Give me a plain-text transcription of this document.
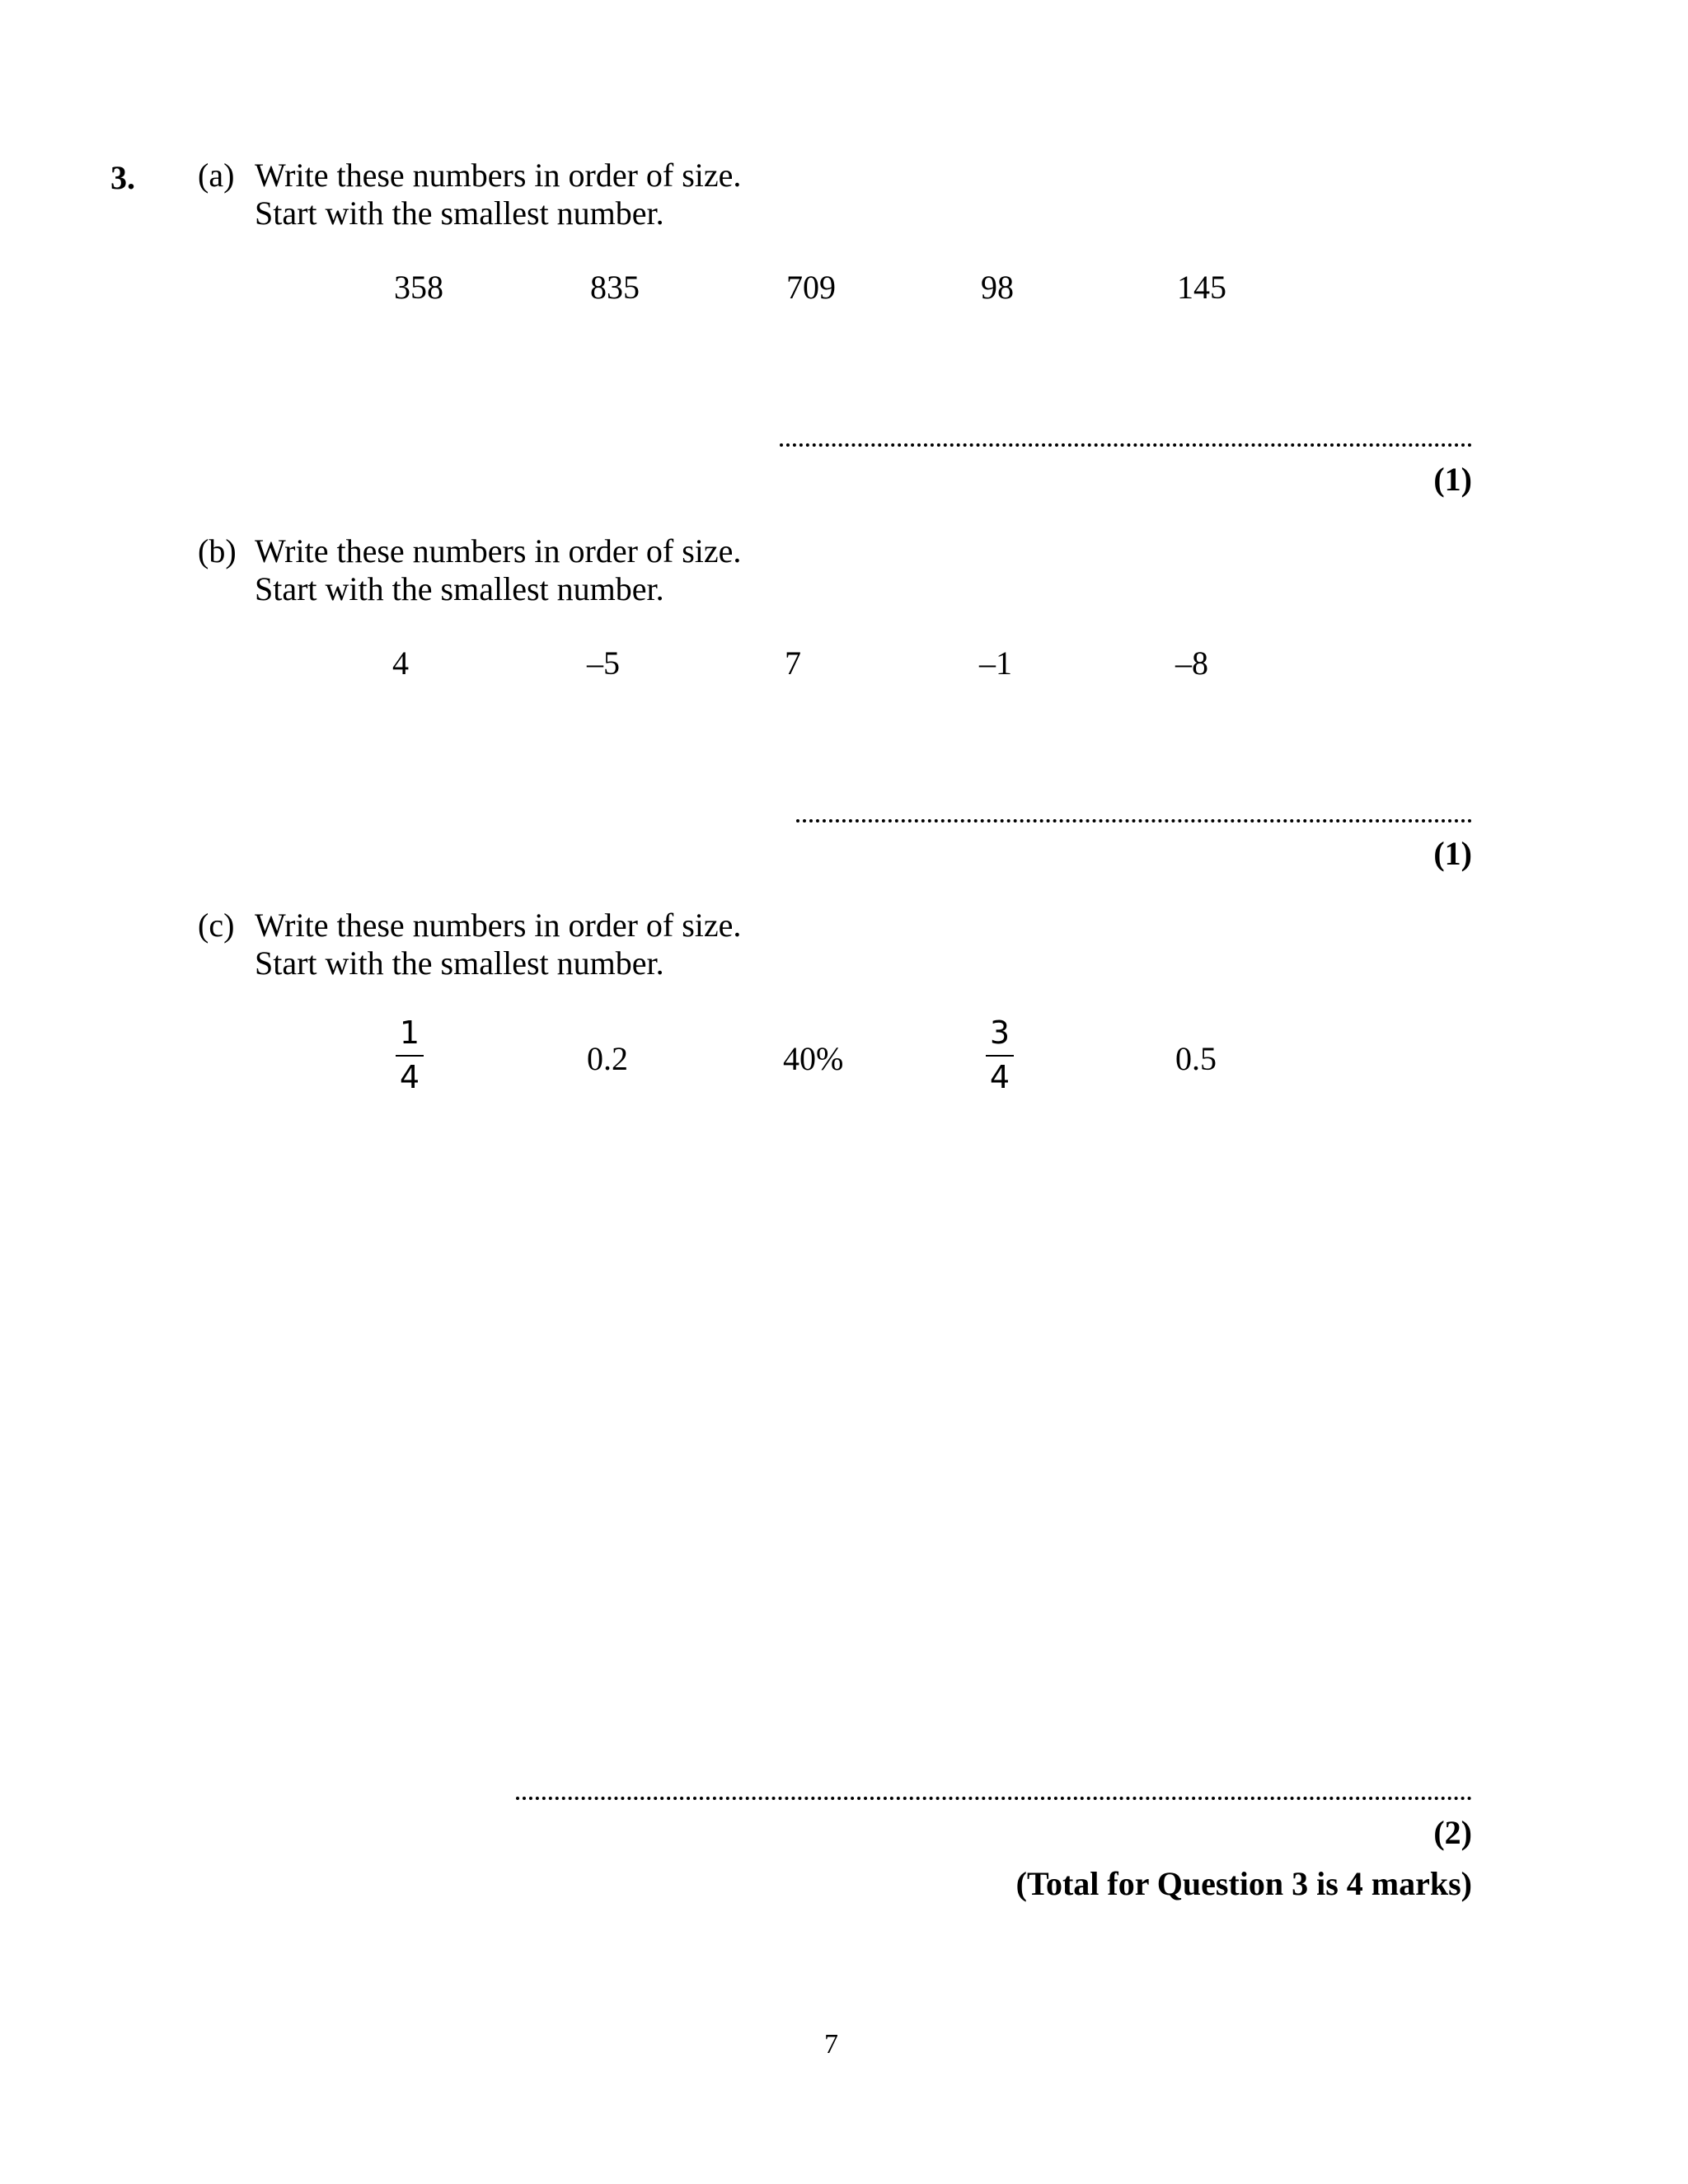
3. (a) Write these numbers in order of size.
Start with the smallest number.
358	835	709	98	145
(1)
(b) Write these numbers in order of size.
Start with the smallest number.
4	–5	7	–1	–8
(1)
(c) Write these numbers in order of size.
Start with the smallest number.
1
4	0.2	40%
3
4	0.5
(2)
(Total for Question 3 is 4 marks)
7
